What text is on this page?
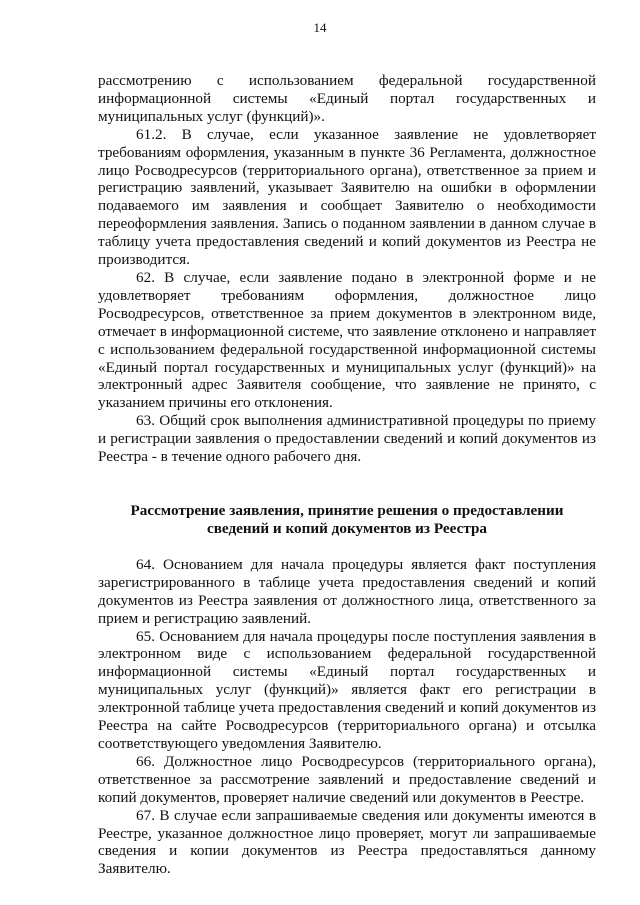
14

рассмотрению с использованием федеральной государственной информационной системы «Единый портал государственных и муниципальных услуг (функций)».

61.2. В случае, если указанное заявление не удовлетворяет требованиям оформления, указанным в пункте 36 Регламента, должностное лицо Росводресурсов (территориального органа), ответственное за прием и регистрацию заявлений, указывает Заявителю на ошибки в оформлении подаваемого им заявления и сообщает Заявителю о необходимости переоформления заявления. Запись о поданном заявлении в данном случае в таблицу учета предоставления сведений и копий документов из Реестра не производится.

62. В случае, если заявление подано в электронной форме и не удовлетворяет требованиям оформления, должностное лицо Росводресурсов, ответственное за прием документов в электронном виде, отмечает в информационной системе, что заявление отклонено и направляет с использованием федеральной государственной информационной системы «Единый портал государственных и муниципальных услуг (функций)» на электронный адрес Заявителя сообщение, что заявление не принято, с указанием причины его отклонения.

63. Общий срок выполнения административной процедуры по приему и регистрации заявления о предоставлении сведений и копий документов из Реестра - в течение одного рабочего дня.

Рассмотрение заявления, принятие решения о предоставлении
сведений и копий документов из Реестра

64. Основанием для начала процедуры является факт поступления зарегистрированного в таблице учета предоставления сведений и копий документов из Реестра заявления от должностного лица, ответственного за прием и регистрацию заявлений.

65. Основанием для начала процедуры после поступления заявления в электронном виде с использованием федеральной государственной информационной системы «Единый портал государственных и муниципальных услуг (функций)» является факт его регистрации в электронной таблице учета предоставления сведений и копий документов из Реестра на сайте Росводресурсов (территориального органа) и отсылка соответствующего уведомления Заявителю.

66. Должностное лицо Росводресурсов (территориального органа), ответственное за рассмотрение заявлений и предоставление сведений и копий документов, проверяет наличие сведений или документов в Реестре.

67. В случае если запрашиваемые сведения или документы имеются в Реестре, указанное должностное лицо проверяет, могут ли запрашиваемые сведения и копии документов из Реестра предоставляться данному Заявителю.
